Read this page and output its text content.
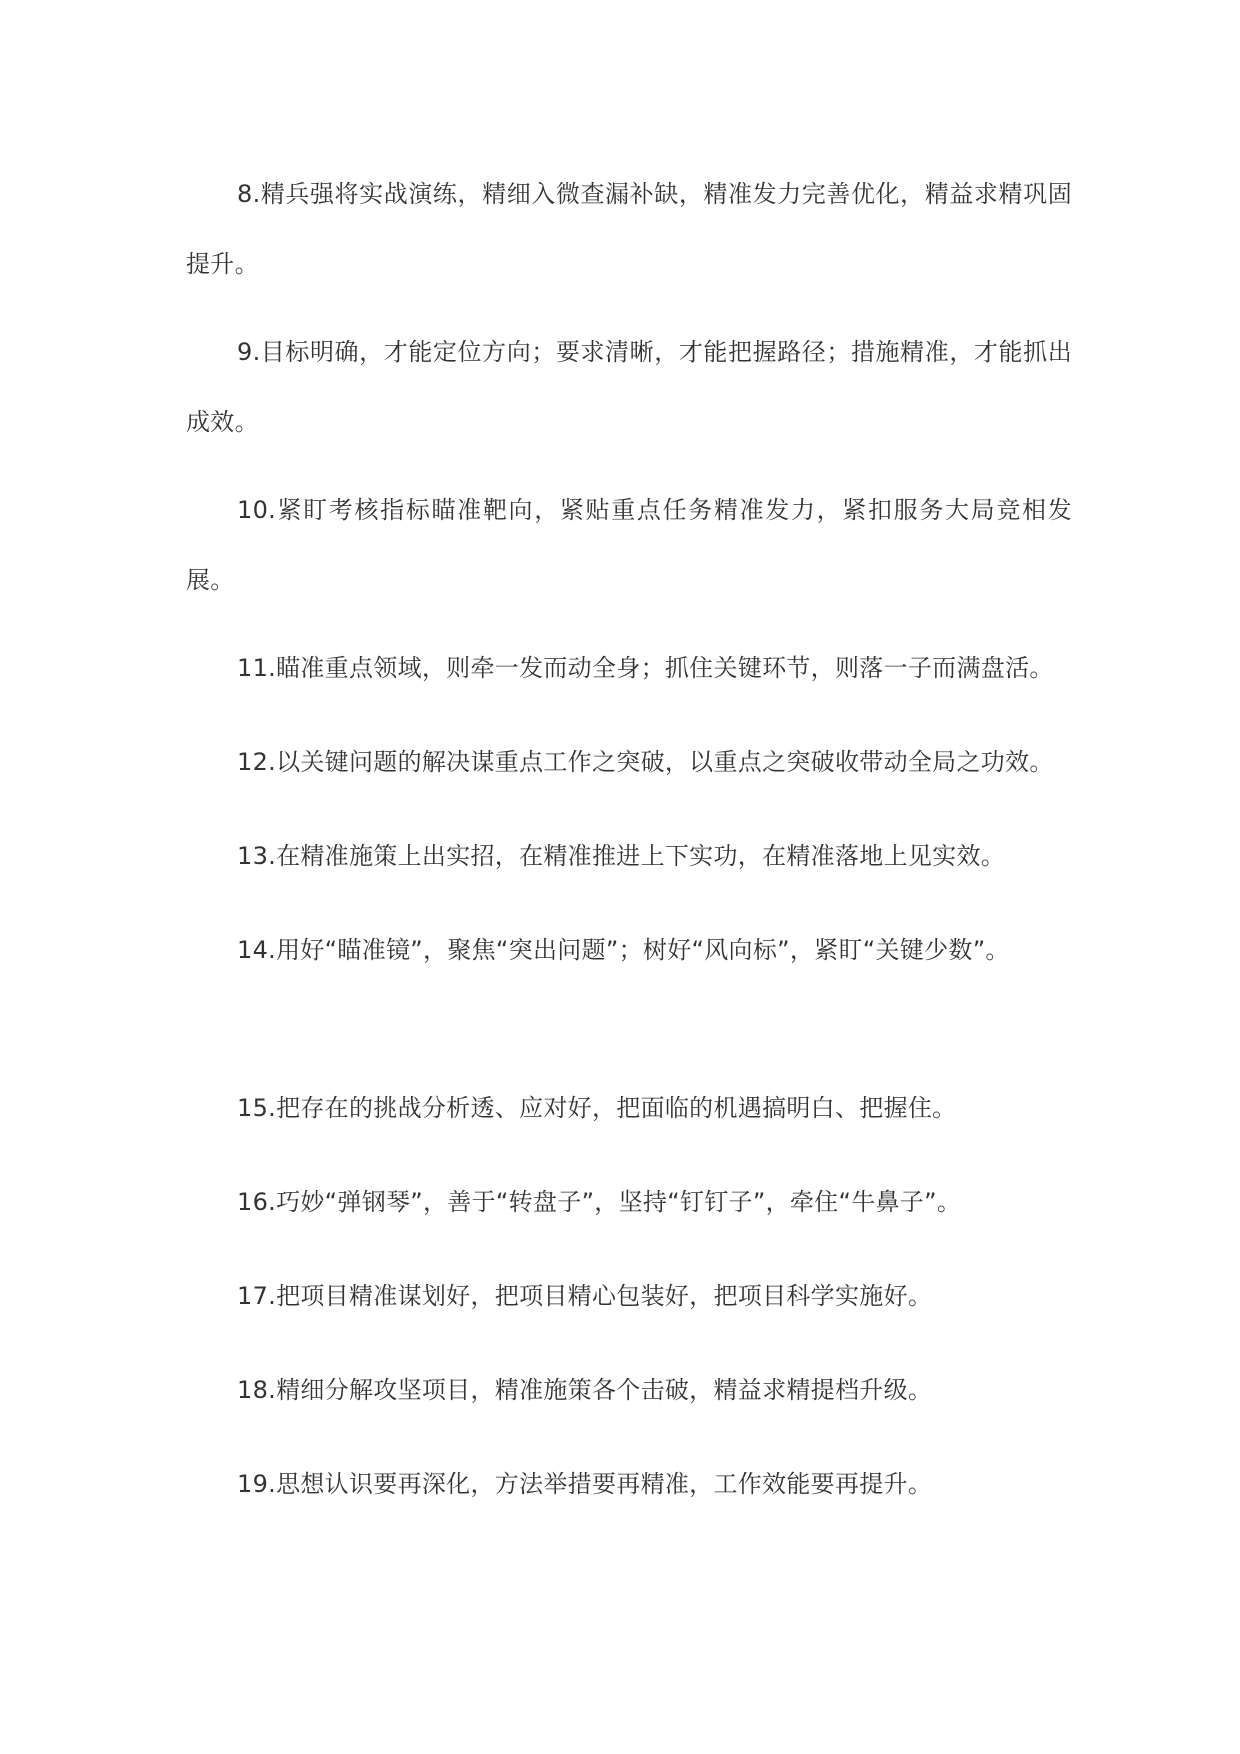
8.精兵强将实战演练，精细入微查漏补缺，精准发力完善优化，精益求精巩固提升。

9.目标明确，才能定位方向；要求清晰，才能把握路径；措施精准，才能抓出成效。

10.紧盯考核指标瞄准靶向，紧贴重点任务精准发力，紧扣服务大局竞相发展。

11.瞄准重点领域，则牵一发而动全身；抓住关键环节，则落一子而满盘活。

12.以关键问题的解决谋重点工作之突破，以重点之突破收带动全局之功效。

13.在精准施策上出实招，在精准推进上下实功，在精准落地上见实效。

14.用好“瞄准镜”，聚焦“突出问题”；树好“风向标”，紧盯“关键少数”。

15.把存在的挑战分析透、应对好，把面临的机遇搞明白、把握住。

16.巧妙“弹钢琴”，善于“转盘子”，坚持“钉钉子”，牵住“牛鼻子”。

17.把项目精准谋划好，把项目精心包装好，把项目科学实施好。

18.精细分解攻坚项目，精准施策各个击破，精益求精提档升级。

19.思想认识要再深化，方法举措要再精准，工作效能要再提升。
